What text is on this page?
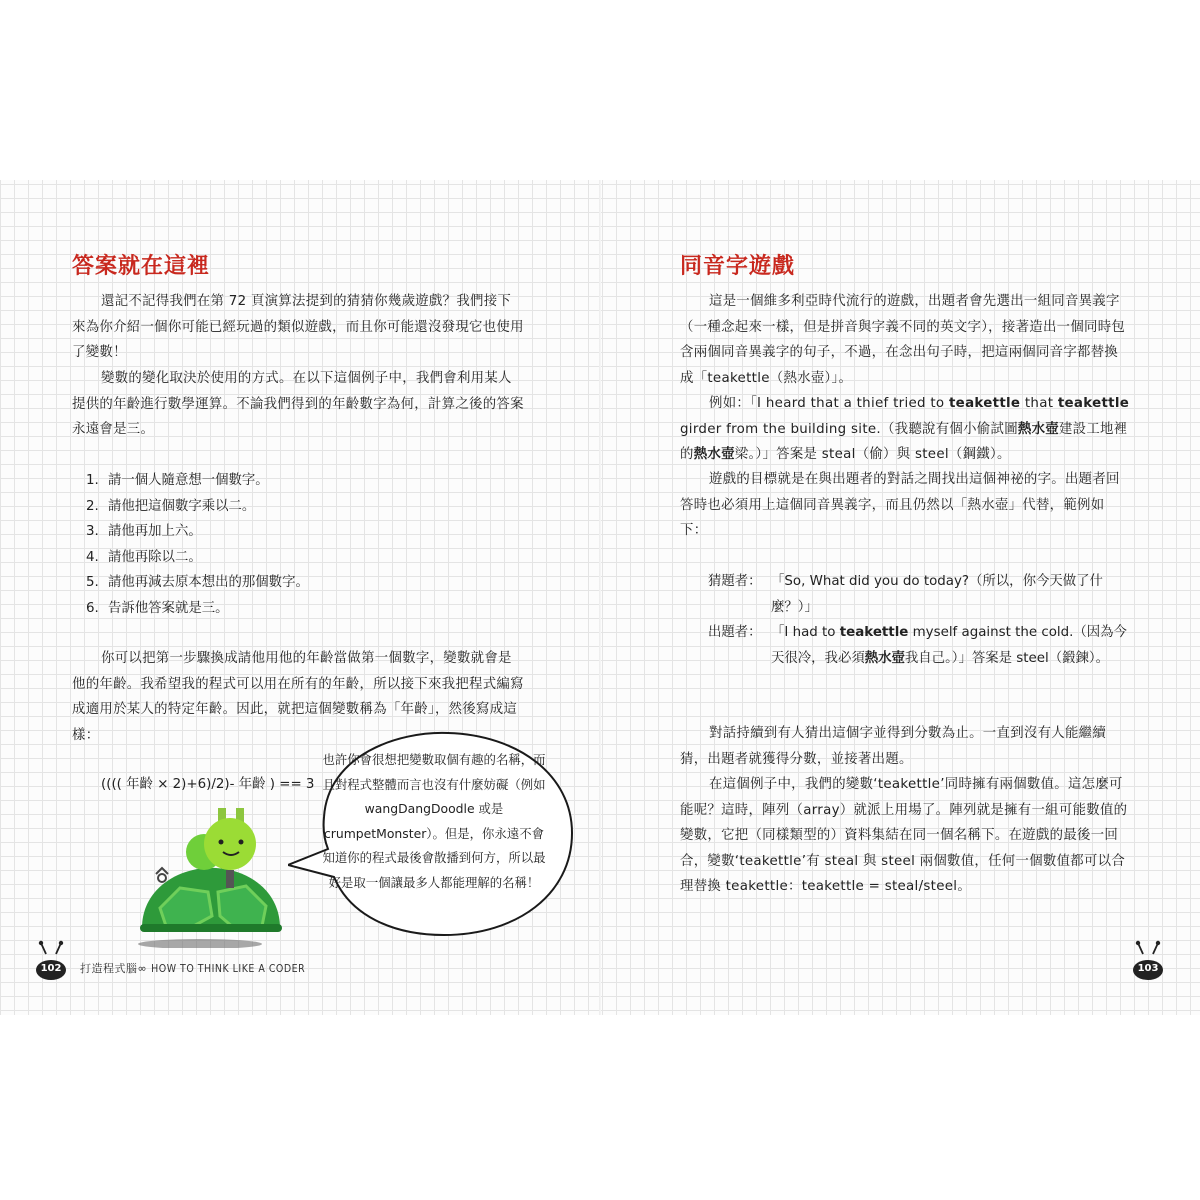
答案就在這裡

還記不記得我們在第 72 頁演算法提到的猜猜你幾歲遊戲？我們接下來為你介紹一個你可能已經玩過的類似遊戲，而且你可能還沒發現它也使用了變數！

變數的變化取決於使用的方式。在以下這個例子中，我們會利用某人提供的年齡進行數學運算。不論我們得到的年齡數字為何，計算之後的答案永遠會是三。

1. 請一個人隨意想一個數字。
2. 請他把這個數字乘以二。
3. 請他再加上六。
4. 請他再除以二。
5. 請他再減去原本想出的那個數字。
6. 告訴他答案就是三。

你可以把第一步驟換成請他用他的年齡當做第一個數字，變數就會是他的年齡。我希望我的程式可以用在所有的年齡，所以接下來我把程式編寫成適用於某人的特定年齡。因此，就把這個變數稱為「年齡」，然後寫成這樣：

(((( 年齡 × 2)+6)/2)- 年齡 ) == 3

也許你會很想把變數取個有趣的名稱，而且對程式整體而言也沒有什麼妨礙（例如 wangDangDoodle 或是 crumpetMonster）。但是，你永遠不會知道你的程式最後會散播到何方，所以最好是取一個讓最多人都能理解的名稱！

102 打造程式腦∞ HOW TO THINK LIKE A CODER
同音字遊戲

這是一個維多利亞時代流行的遊戲，出題者會先選出一組同音異義字（一種念起來一樣，但是拼音與字義不同的英文字），接著造出一個同時包含兩個同音異義字的句子，不過，在念出句子時，把這兩個同音字都替換成「teakettle（熱水壺）」。

例如：「I heard that a thief tried to teakettle that teakettle girder from the building site.（我聽說有個小偷試圖熱水壺建設工地裡的熱水壺梁。）」答案是 steal（偷）與 steel（鋼鐵）。

遊戲的目標就是在與出題者的對話之間找出這個神祕的字。出題者回答時也必須用上這個同音異義字，而且仍然以「熱水壺」代替，範例如下：

猜題者： 「So, What did you do today?（所以，你今天做了什麼？）」
出題者： 「I had to teakettle myself against the cold.（因為今天很冷，我必須熱水壺我自己。）」答案是 steel（鍛鍊）。

對話持續到有人猜出這個字並得到分數為止。一直到沒有人能繼續猜，出題者就獲得分數，並接著出題。

在這個例子中，我們的變數‘teakettle’同時擁有兩個數值。這怎麼可能呢？這時，陣列（array）就派上用場了。陣列就是擁有一組可能數值的變數，它把（同樣類型的）資料集結在同一個名稱下。在遊戲的最後一回合，變數‘teakettle’有 steal 與 steel 兩個數值，任何一個數值都可以合理替換 teakettle：teakettle = steal/steel。

103
